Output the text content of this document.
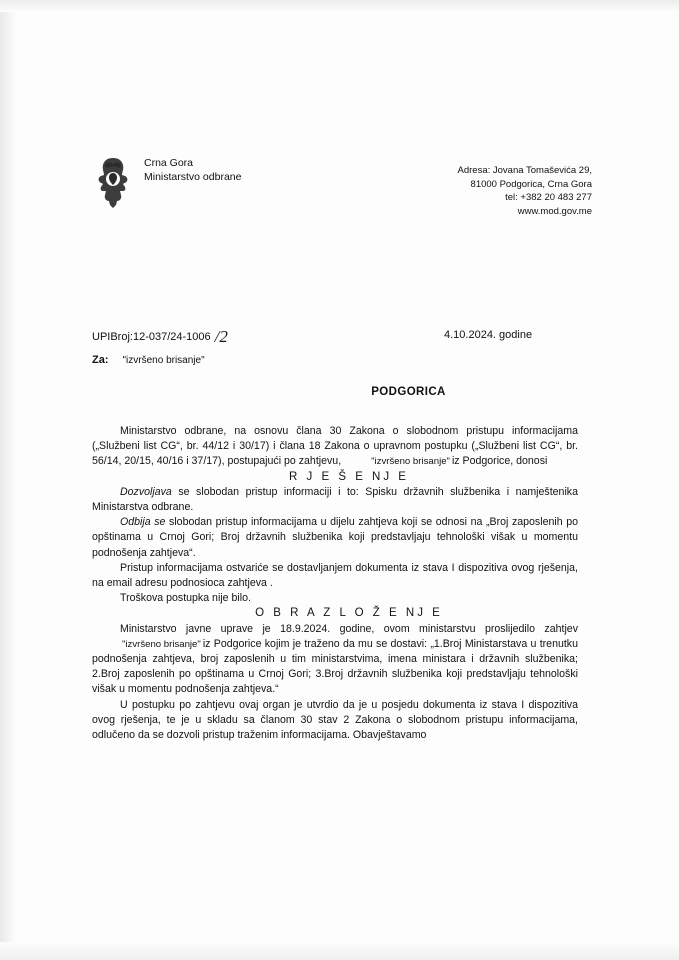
Crna Gora
Ministarstvo odbrane
Adresa: Jovana Tomaševića 29,
81000 Podgorica, Crna Gora
tel: +382 20 483 277
www.mod.gov.me
UPIBroj:12-037/24-1006 /2	4.10.2024. godine
Za: "izvršeno brisanje"
PODGORICA

Ministarstvo odbrane, na osnovu člana 30 Zakona o slobodnom pristupu informacijama („Službeni list CG“, br. 44/12 i 30/17) i člana 18 Zakona o upravnom postupku („Službeni list CG“, br. 56/14, 20/15, 40/16 i 37/17), postupajući po zahtjevu,	"izvršeno brisanje" iz Podgorice, donosi

R J E Š E NJ E

Dozvoljava se slobodan pristup informaciji i to: Spisku državnih službenika i namještenika Ministarstva odbrane.

Odbija se slobodan pristup informacijama u dijelu zahtjeva koji se odnosi na „Broj zaposlenih po opštinama u Crnoj Gori; Broj državnih službenika koji predstavljaju tehnološki višak u momentu podnošenja zahtjeva“.

Pristup informacijama ostvariće se dostavljanjem dokumenta iz stava I dispozitiva ovog rješenja, na email adresu podnosioca zahtjeva .

Troškova postupka nije bilo.

O B R A Z L O Ž E NJ E

Ministarstvo javne uprave je 18.9.2024. godine, ovom ministarstvu proslijedilo zahtjev"izvršeno brisanje" iz Podgorice kojim je traženo da mu se dostavi: „1.Broj Ministarstava u trenutku podnošenja zahtjeva, broj zaposlenih u tim ministarstvima, imena ministara i državnih službenika; 2.Broj zaposlenih po opštinama u Crnoj Gori; 3.Broj državnih službenika koji predstavljaju tehnološki višak u momentu podnošenja zahtjeva.“

U postupku po zahtjevu ovaj organ je utvrdio da je u posjedu dokumenta iz stava I dispozitiva ovog rješenja, te je u skladu sa članom 30 stav 2 Zakona o slobodnom pristupu informacijama, odlučeno da se dozvoli pristup traženim informacijama. Obavještavamo
